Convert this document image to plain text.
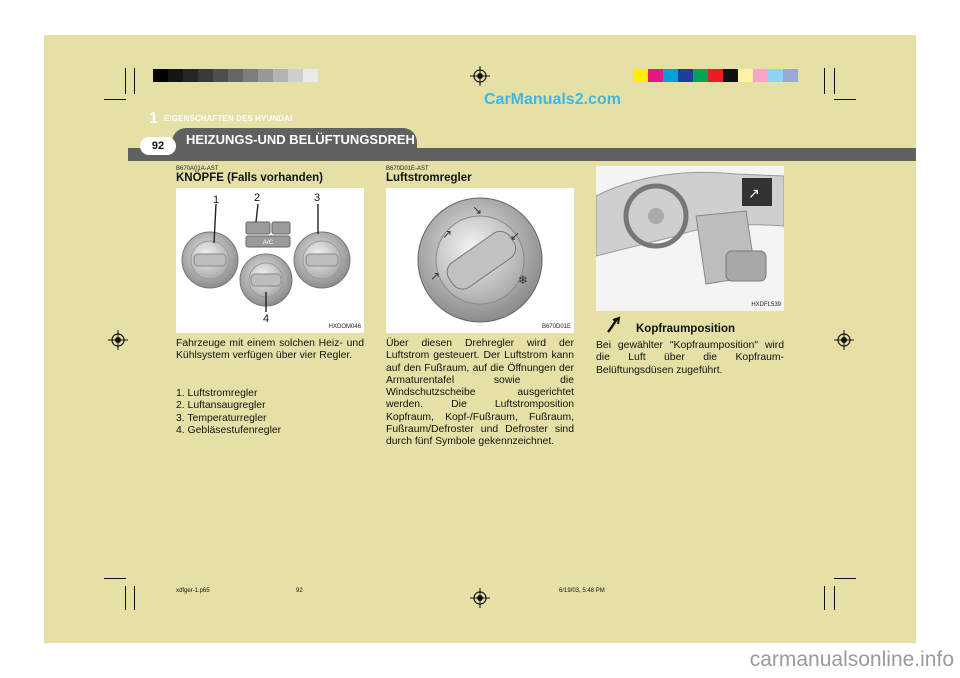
CarManuals2.com
1 EIGENSCHAFTEN DES HYUNDAI
HEIZUNGS-UND BELÜFTUNGSDREH
92
B670A01A-AST
KNÖPFE (Falls vorhanden)
A/C
1	2	3
4
HXDOM046
Fahrzeuge mit einem solchen Heiz- und Kühlsystem verfügen über vier Regler.
1. Luftstromregler
2. Luftansaugregler
3. Temperaturregler
4. Gebläsestufenregler
B670D01E-AST
Luftstromregler
↗
↘
↙
↗	❄
B670D01E
Über diesen Drehregler wird der Luftstrom gesteuert. Der Luftstrom kann auf den Fußraum, auf die Öffnungen der Armaturentafel sowie die Windschutzscheibe ausgerichtet werden. Die Luftstromposition Kopfraum, Kopf-/Fußraum, Fußraum, Fußraum/Defroster und Defroster sind durch fünf Symbole gekennzeichnet.
↗
HXDFL539
Kopfraumposition
Bei gewählter "Kopfraumposition" wird die Luft über die Kopfraum-Belüftungsdüsen zugeführt.
xdfger-1.p65	92	6/19/03, 5:48 PM
carmanualsonline.info
